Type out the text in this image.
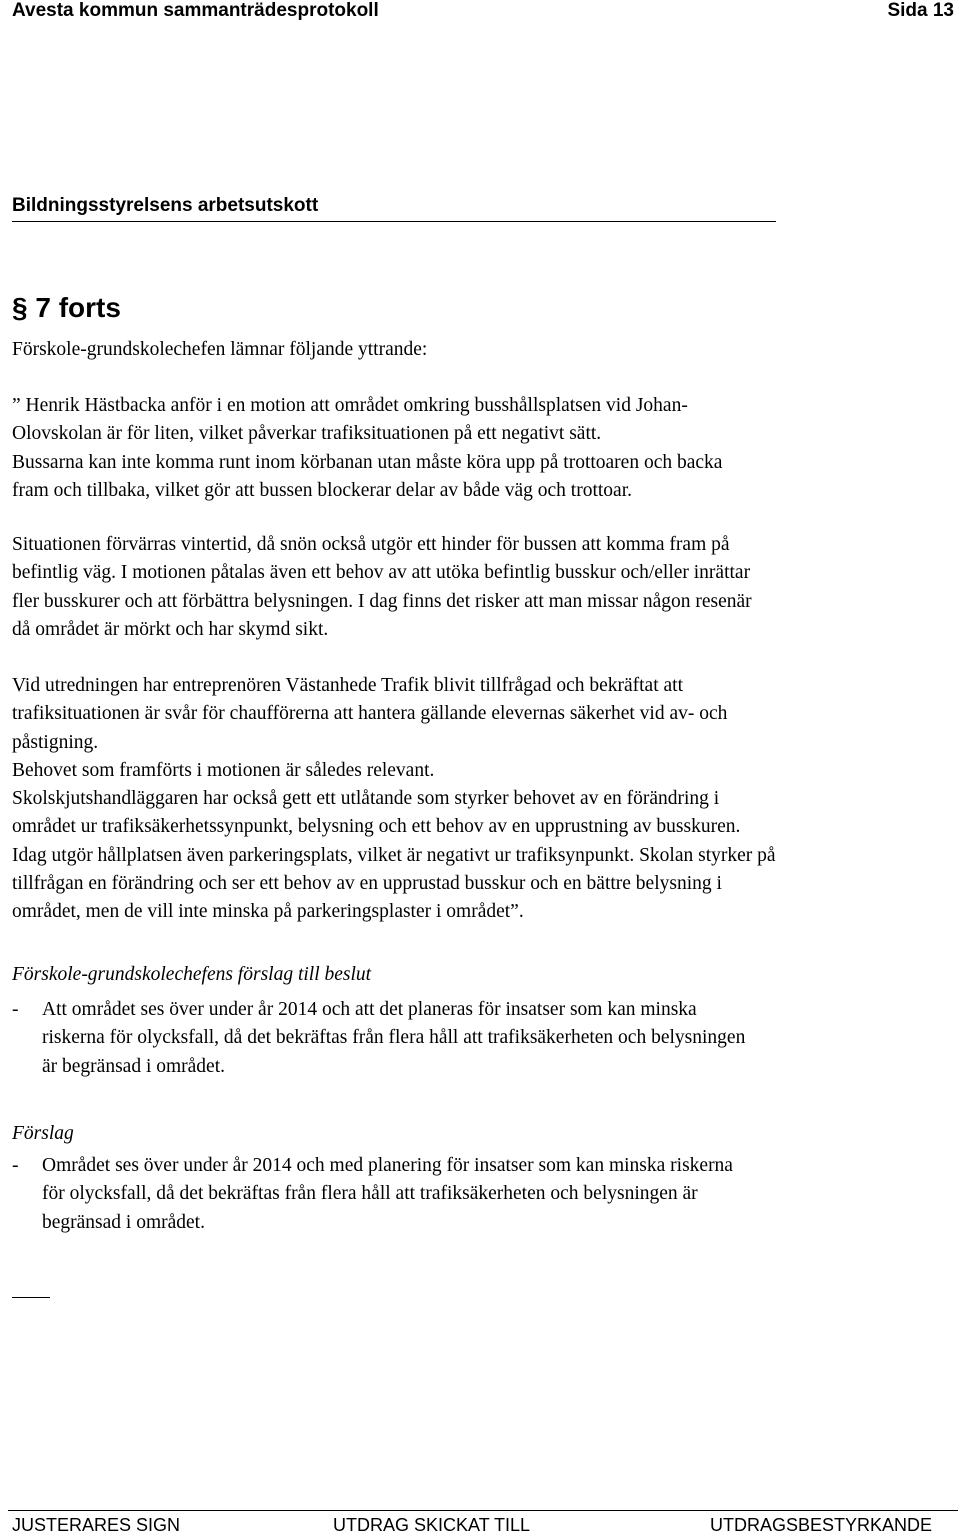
Avesta kommun sammanträdesprotokoll	Sida 13
Bildningsstyrelsens arbetsutskott
§ 7 forts

Förskole-grundskolechefen lämnar följande yttrande:

” Henrik Hästbacka anför i en motion att området omkring busshållsplatsen vid Johan-

Olovskolan är för liten, vilket påverkar trafiksituationen på ett negativt sätt.

Bussarna kan inte komma runt inom körbanan utan måste köra upp på trottoaren och backa

fram och tillbaka, vilket gör att bussen blockerar delar av både väg och trottoar.

Situationen förvärras vintertid, då snön också utgör ett hinder för bussen att komma fram på

befintlig väg. I motionen påtalas även ett behov av att utöka befintlig busskur och/eller inrättar

fler busskurer och att förbättra belysningen. I dag finns det risker att man missar någon resenär

då området är mörkt och har skymd sikt.

Vid utredningen har entreprenören Västanhede Trafik blivit tillfrågad och bekräftat att

trafiksituationen är svår för chaufförerna att hantera gällande elevernas säkerhet vid av- och

påstigning.

Behovet som framförts i motionen är således relevant.

Skolskjutshandläggaren har också gett ett utlåtande som styrker behovet av en förändring i

området ur trafiksäkerhetssynpunkt, belysning och ett behov av en upprustning av busskuren.

Idag utgör hållplatsen även parkeringsplats, vilket är negativt ur trafiksynpunkt. Skolan styrker på

tillfrågan en förändring och ser ett behov av en upprustad busskur och en bättre belysning i

området, men de vill inte minska på parkeringsplaster i området”.

Förskole-grundskolechefens förslag till beslut
-	Att området ses över under år 2014 och att det planeras för insatser som kan minska
riskerna för olycksfall, då det bekräftas från flera håll att trafiksäkerheten och belysningen
är begränsad i området.
Förslag
-	Området ses över under år 2014 och med planering för insatser som kan minska riskerna
för olycksfall, då det bekräftas från flera håll att trafiksäkerheten och belysningen är
begränsad i området.
JUSTERARES SIGN	UTDRAG SKICKAT TILL	UTDRAGSBESTYRKANDE
